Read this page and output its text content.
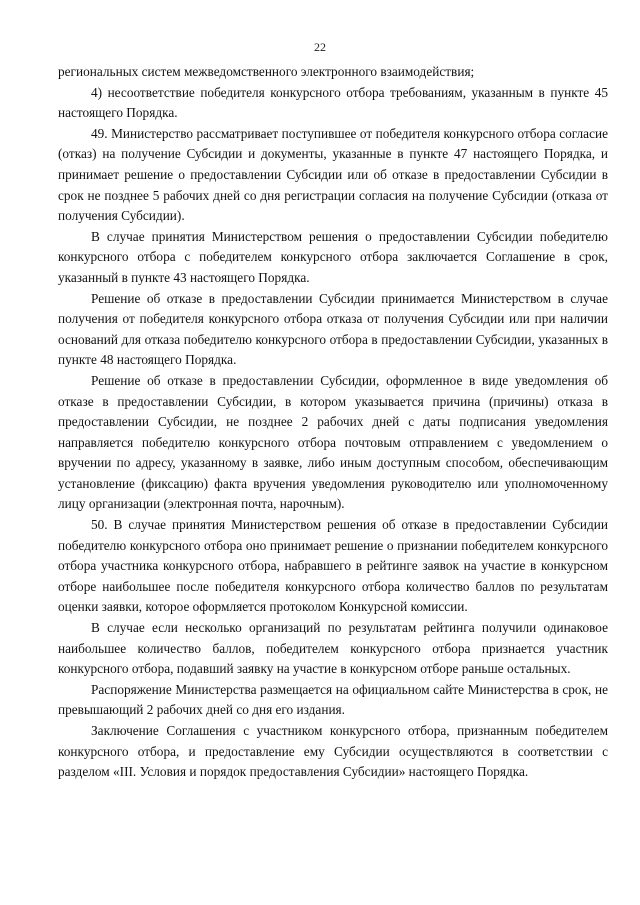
22

региональных систем межведомственного электронного взаимодействия;

4) несоответствие победителя конкурсного отбора требованиям, указанным в пункте 45 настоящего Порядка.

49. Министерство рассматривает поступившее от победителя конкурсного отбора согласие (отказ) на получение Субсидии и документы, указанные в пункте 47 настоящего Порядка, и принимает решение о предоставлении Субсидии или об отказе в предоставлении Субсидии в срок не позднее 5 рабочих дней со дня регистрации согласия на получение Субсидии (отказа от получения Субсидии).

В случае принятия Министерством решения о предоставлении Субсидии победителю конкурсного отбора с победителем конкурсного отбора заключается Соглашение в срок, указанный в пункте 43 настоящего Порядка.

Решение об отказе в предоставлении Субсидии принимается Министерством в случае получения от победителя конкурсного отбора отказа от получения Субсидии или при наличии оснований для отказа победителю конкурсного отбора в предоставлении Субсидии, указанных в пункте 48 настоящего Порядка.

Решение об отказе в предоставлении Субсидии, оформленное в виде уведомления об отказе в предоставлении Субсидии, в котором указывается причина (причины) отказа в предоставлении Субсидии, не позднее 2 рабочих дней с даты подписания уведомления направляется победителю конкурсного отбора почтовым отправлением с уведомлением о вручении по адресу, указанному в заявке, либо иным доступным способом, обеспечивающим установление (фиксацию) факта вручения уведомления руководителю или уполномоченному лицу организации (электронная почта, нарочным).

50. В случае принятия Министерством решения об отказе в предоставлении Субсидии победителю конкурсного отбора оно принимает решение о признании победителем конкурсного отбора участника конкурсного отбора, набравшего в рейтинге заявок на участие в конкурсном отборе наибольшее после победителя конкурсного отбора количество баллов по результатам оценки заявки, которое оформляется протоколом Конкурсной комиссии.

В случае если несколько организаций по результатам рейтинга получили одинаковое наибольшее количество баллов, победителем конкурсного отбора признается участник конкурсного отбора, подавший заявку на участие в конкурсном отборе раньше остальных.

Распоряжение Министерства размещается на официальном сайте Министерства в срок, не превышающий 2 рабочих дней со дня его издания.

Заключение Соглашения с участником конкурсного отбора, признанным победителем конкурсного отбора, и предоставление ему Субсидии осуществляются в соответствии с разделом «III. Условия и порядок предоставления Субсидии» настоящего Порядка.
